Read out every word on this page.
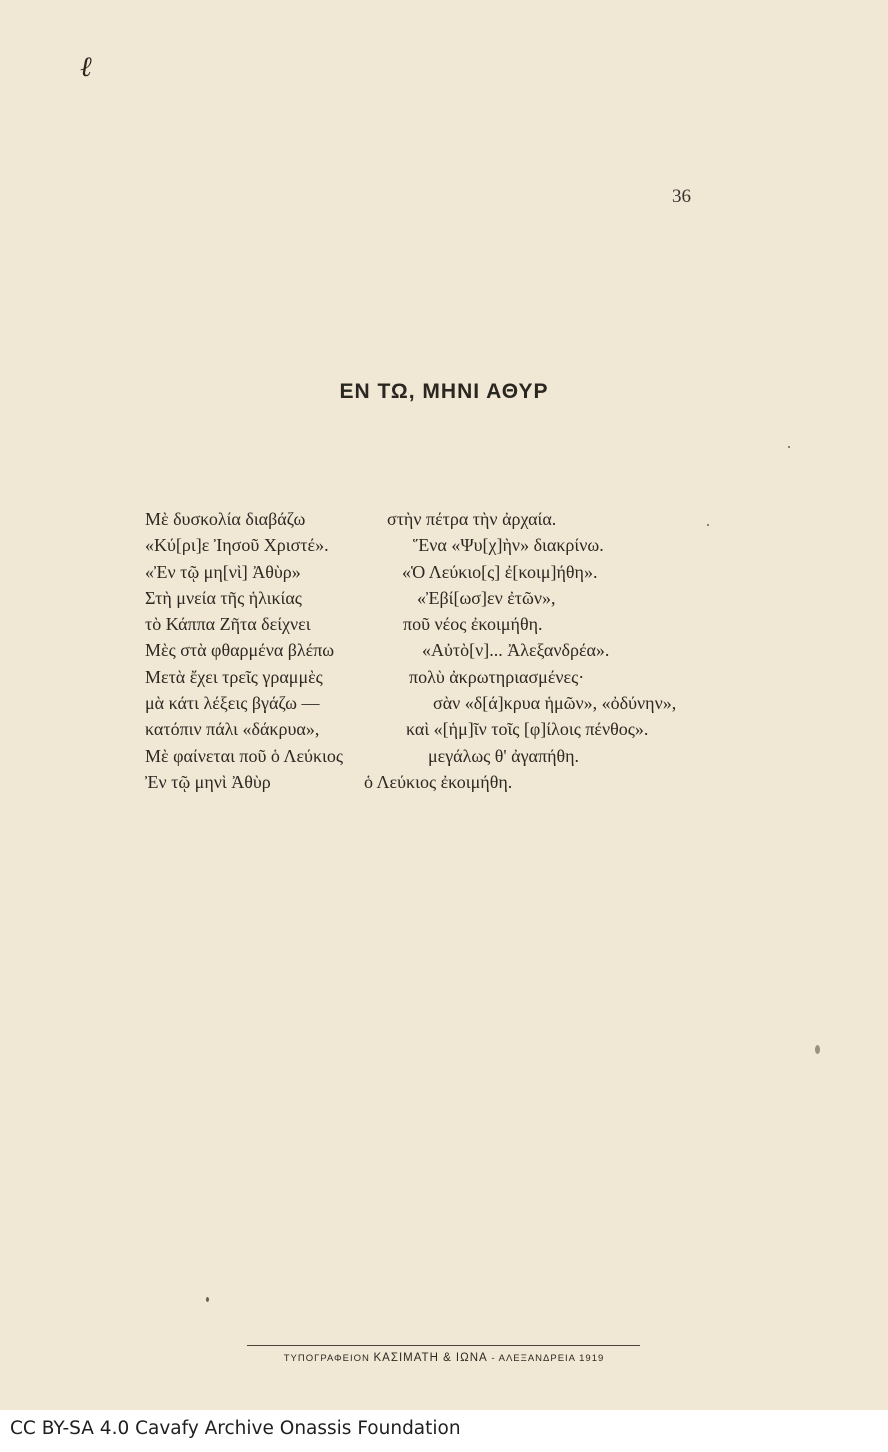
ℓ
36
ΕΝ ΤΩ, ΜΗΝΙ ΑΘΥΡ
Μὲ δυσκολία διαβάζω	στὴν πέτρα τὴν ἀρχαία.
«Κύ[ρι]ε Ἰησοῦ Χριστέ».	Ἕνα «Ψυ[χ]ὴν» διακρίνω.
«Ἐν τῷ μη[νὶ] Ἀθὺρ»	«Ὁ Λεύκιο[ς] ἐ[κοιμ]ήθη».
Στὴ μνεία τῆς ἡλικίας	«Ἐβί[ωσ]εν ἐτῶν»,
τὸ Κάππα Ζῆτα δείχνει	ποῦ νέος ἐκοιμήθη.
Μὲς στὰ φθαρμένα βλέπω	«Αὐτὸ[ν]... Ἀλεξανδρέα».
Μετὰ ἔχει τρεῖς γραμμὲς	πολὺ ἀκρωτηριασμένες·
μὰ κάτι λέξεις βγάζω —	σὰν «δ[ά]κρυα ἡμῶν», «ὀδύνην»,
κατόπιν πάλι «δάκρυα»,	καὶ «[ἡμ]ῖν τοῖς [φ]ίλοις πένθος».
Μὲ φαίνεται ποῦ ὁ Λεύκιος	μεγάλως θ' ἀγαπήθη.
Ἐν τῷ μηνὶ Ἀθὺρ	ὁ Λεύκιος ἐκοιμήθη.
ΤΥΠΟΓΡΑΦΕΙΟΝ ΚΑΣΙΜΑΤΗ & ΙΩΝΑ - ΑΛΕΞΑΝΔΡΕΙΑ 1919
CC BY-SA 4.0 Cavafy Archive Onassis Foundation
